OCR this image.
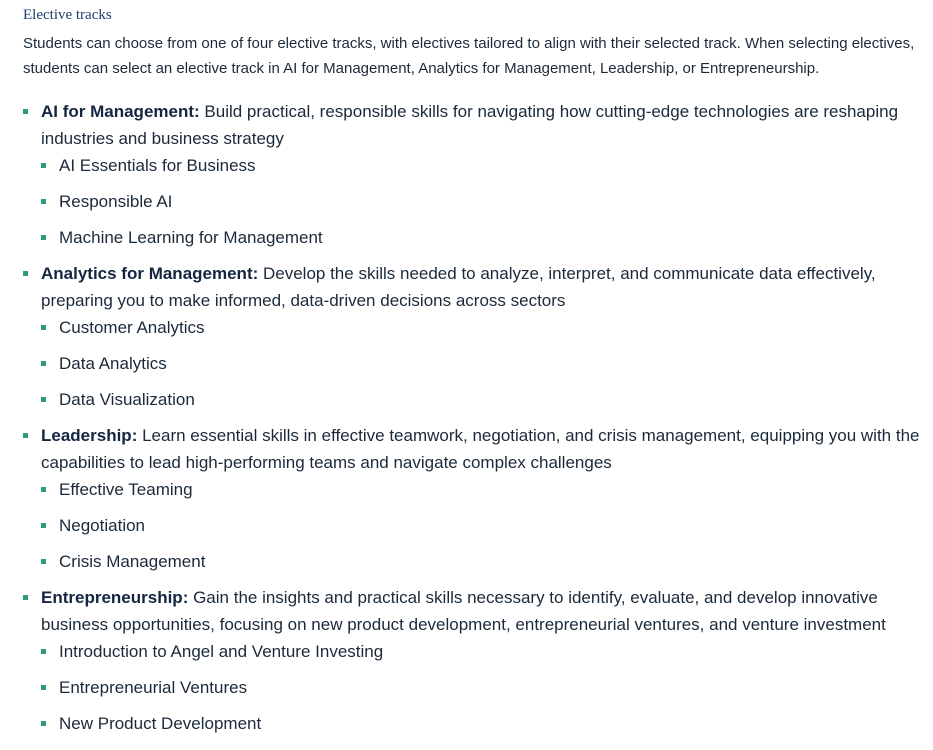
Elective tracks

Students can choose from one of four elective tracks, with electives tailored to align with their selected track. When selecting electives, students can select an elective track in AI for Management, Analytics for Management, Leadership, or Entrepreneurship.

AI for Management: Build practical, responsible skills for navigating how cutting-edge technologies are reshaping industries and business strategy
AI Essentials for Business
Responsible AI
Machine Learning for Management
Analytics for Management: Develop the skills needed to analyze, interpret, and communicate data effectively, preparing you to make informed, data-driven decisions across sectors
Customer Analytics
Data Analytics
Data Visualization
Leadership: Learn essential skills in effective teamwork, negotiation, and crisis management, equipping you with the capabilities to lead high-performing teams and navigate complex challenges
Effective Teaming
Negotiation
Crisis Management
Entrepreneurship: Gain the insights and practical skills necessary to identify, evaluate, and develop innovative business opportunities, focusing on new product development, entrepreneurial ventures, and venture investment
Introduction to Angel and Venture Investing
Entrepreneurial Ventures
New Product Development
